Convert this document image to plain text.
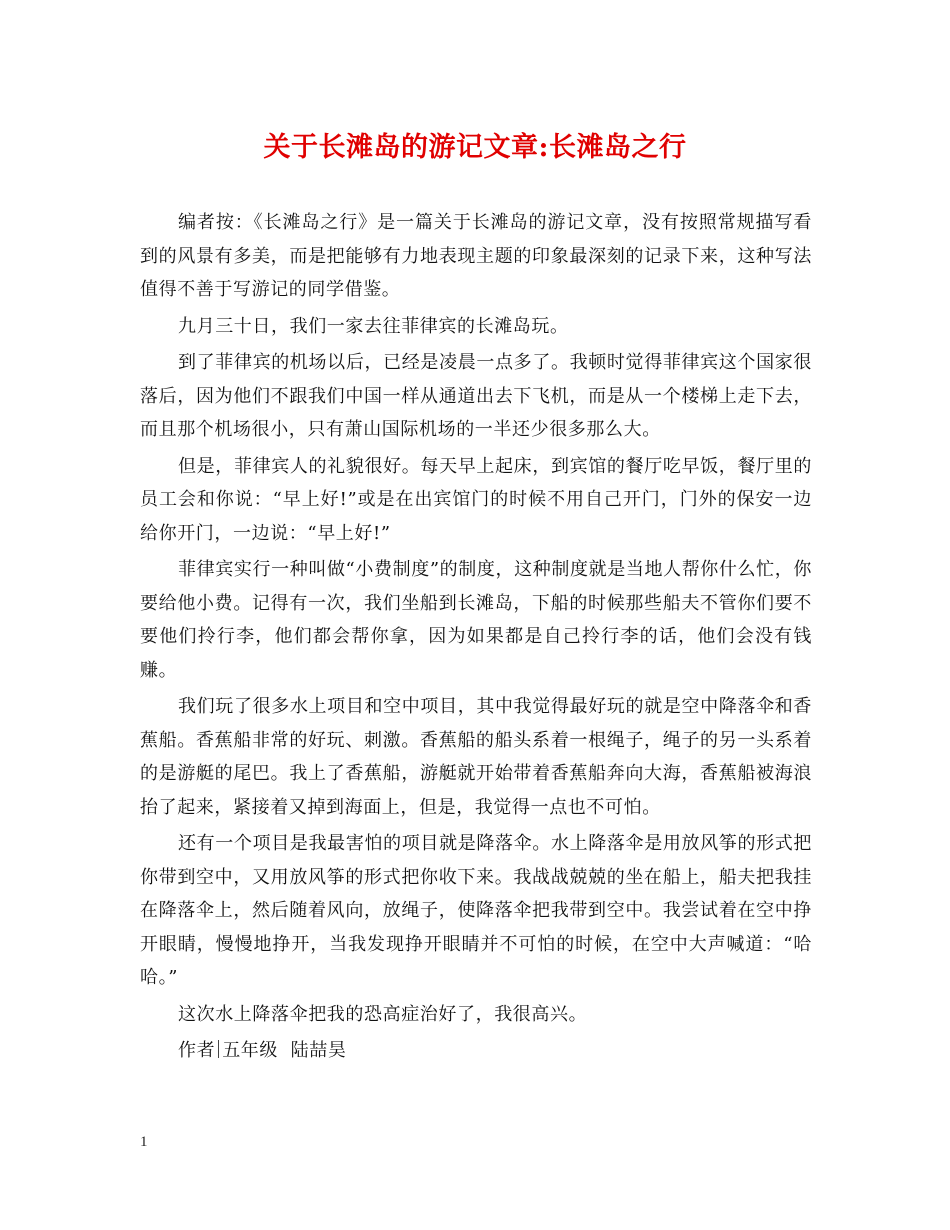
关于长滩岛的游记文章:长滩岛之行

编者按：《长滩岛之行》是一篇关于长滩岛的游记文章，没有按照常规描写看到的风景有多美，而是把能够有力地表现主题的印象最深刻的记录下来，这种写法值得不善于写游记的同学借鉴。

九月三十日，我们一家去往菲律宾的长滩岛玩。

到了菲律宾的机场以后，已经是凌晨一点多了。我顿时觉得菲律宾这个国家很落后，因为他们不跟我们中国一样从通道出去下飞机，而是从一个楼梯上走下去，而且那个机场很小，只有萧山国际机场的一半还少很多那么大。

但是，菲律宾人的礼貌很好。每天早上起床，到宾馆的餐厅吃早饭，餐厅里的员工会和你说：“早上好!”或是在出宾馆门的时候不用自己开门，门外的保安一边给你开门，一边说：“早上好!”

菲律宾实行一种叫做“小费制度”的制度，这种制度就是当地人帮你什么忙，你要给他小费。记得有一次，我们坐船到长滩岛，下船的时候那些船夫不管你们要不要他们拎行李，他们都会帮你拿，因为如果都是自己拎行李的话，他们会没有钱赚。

我们玩了很多水上项目和空中项目，其中我觉得最好玩的就是空中降落伞和香蕉船。香蕉船非常的好玩、刺激。香蕉船的船头系着一根绳子，绳子的另一头系着的是游艇的尾巴。我上了香蕉船，游艇就开始带着香蕉船奔向大海，香蕉船被海浪抬了起来，紧接着又掉到海面上，但是，我觉得一点也不可怕。

还有一个项目是我最害怕的项目就是降落伞。水上降落伞是用放风筝的形式把你带到空中，又用放风筝的形式把你收下来。我战战兢兢的坐在船上，船夫把我挂在降落伞上，然后随着风向，放绳子，使降落伞把我带到空中。我尝试着在空中挣开眼睛，慢慢地挣开，当我发现挣开眼睛并不可怕的时候，在空中大声喊道：“哈哈。”

这次水上降落伞把我的恐高症治好了，我很高兴。

作者 五年级 陆喆昊

1
